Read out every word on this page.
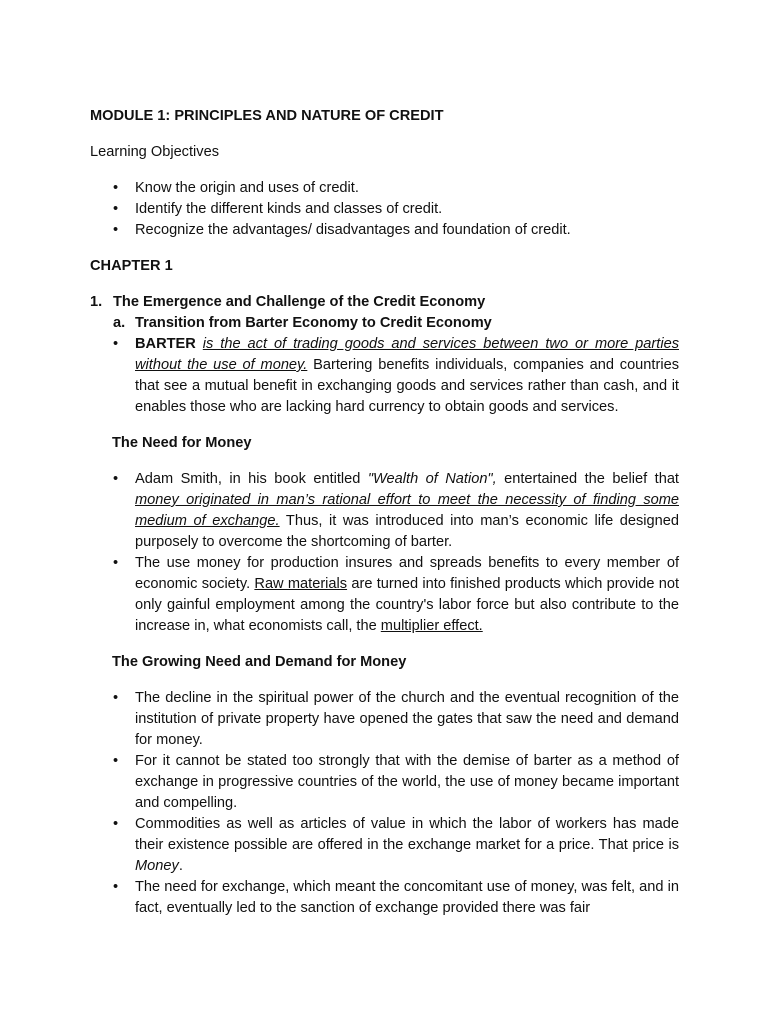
MODULE 1: PRINCIPLES AND NATURE OF CREDIT
Learning Objectives
• Know the origin and uses of credit.
• Identify the different kinds and classes of credit.
• Recognize the advantages/ disadvantages and foundation of credit.
CHAPTER 1
1. The Emergence and Challenge of the Credit Economy
a. Transition from Barter Economy to Credit Economy
• BARTER is the act of trading goods and services between two or more parties without the use of money. Bartering benefits individuals, companies and countries that see a mutual benefit in exchanging goods and services rather than cash, and it enables those who are lacking hard currency to obtain goods and services.
The Need for Money
• Adam Smith, in his book entitled "Wealth of Nation", entertained the belief that money originated in man’s rational effort to meet the necessity of finding some medium of exchange. Thus, it was introduced into man’s economic life designed purposely to overcome the shortcoming of barter.
• The use money for production insures and spreads benefits to every member of economic society. Raw materials are turned into finished products which provide not only gainful employment among the country's labor force but also contribute to the increase in, what economists call, the multiplier effect.
The Growing Need and Demand for Money
• The decline in the spiritual power of the church and the eventual recognition of the institution of private property have opened the gates that saw the need and demand for money.
• For it cannot be stated too strongly that with the demise of barter as a method of exchange in progressive countries of the world, the use of money became important and compelling.
• Commodities as well as articles of value in which the labor of workers has made their existence possible are offered in the exchange market for a price. That price is Money.
• The need for exchange, which meant the concomitant use of money, was felt, and in fact, eventually led to the sanction of exchange provided there was fair
